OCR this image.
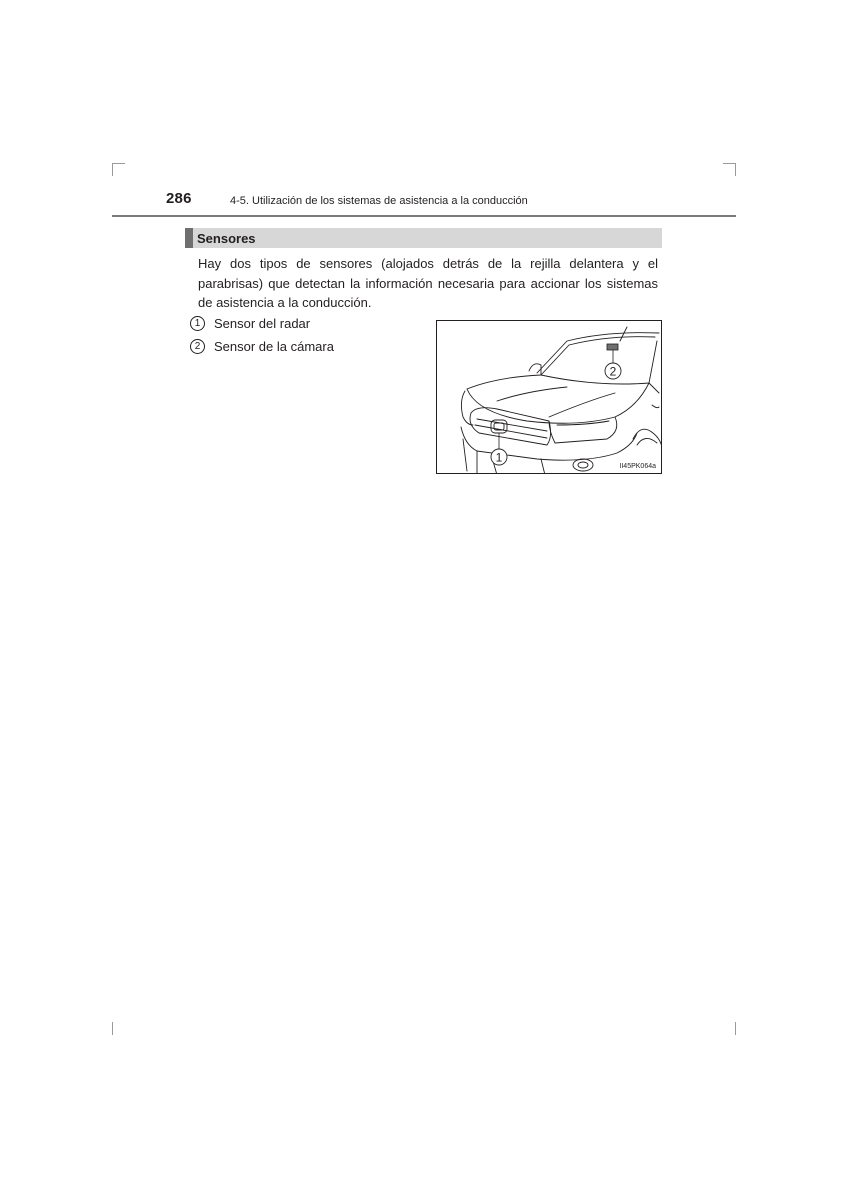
286	4-5. Utilización de los sistemas de asistencia a la conducción
Sensores
Hay dos tipos de sensores (alojados detrás de la rejilla delantera y el parabrisas) que detectan la información necesaria para accionar los sistemas de asistencia a la conducción.
1 Sensor del radar
2 Sensor de la cámara
2
1
II45PK064a
